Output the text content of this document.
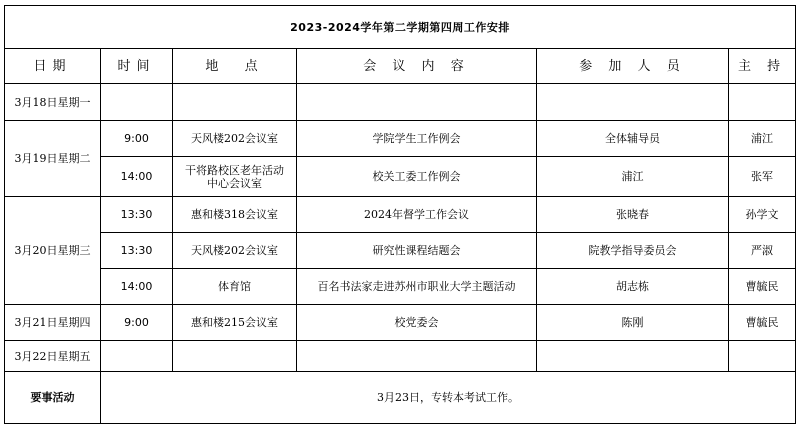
2023-2024学年第二学期第四周工作安排					
日期	时间	地  点	会 议 内 容	参 加 人 员	主 持
3月18日星期一					
3月19日星期二	9:00	天风楼202会议室	学院学生工作例会	全体辅导员	浦江
	14:00	干将路校区老年活动
中心会议室	校关工委工作例会	浦江	张军
3月20日星期三	13:30	惠和楼318会议室	2024年督学工作会议	张晓春	孙学文
	13:30	天风楼202会议室	研究性课程结题会	院教学指导委员会	严淑
	14:00	体育馆	百名书法家走进苏州市职业大学主题活动	胡志栋	曹毓民
3月21日星期四	9:00	惠和楼215会议室	校党委会	陈刚	曹毓民
3月22日星期五					
要事活动	3月23日，专转本考试工作。				
